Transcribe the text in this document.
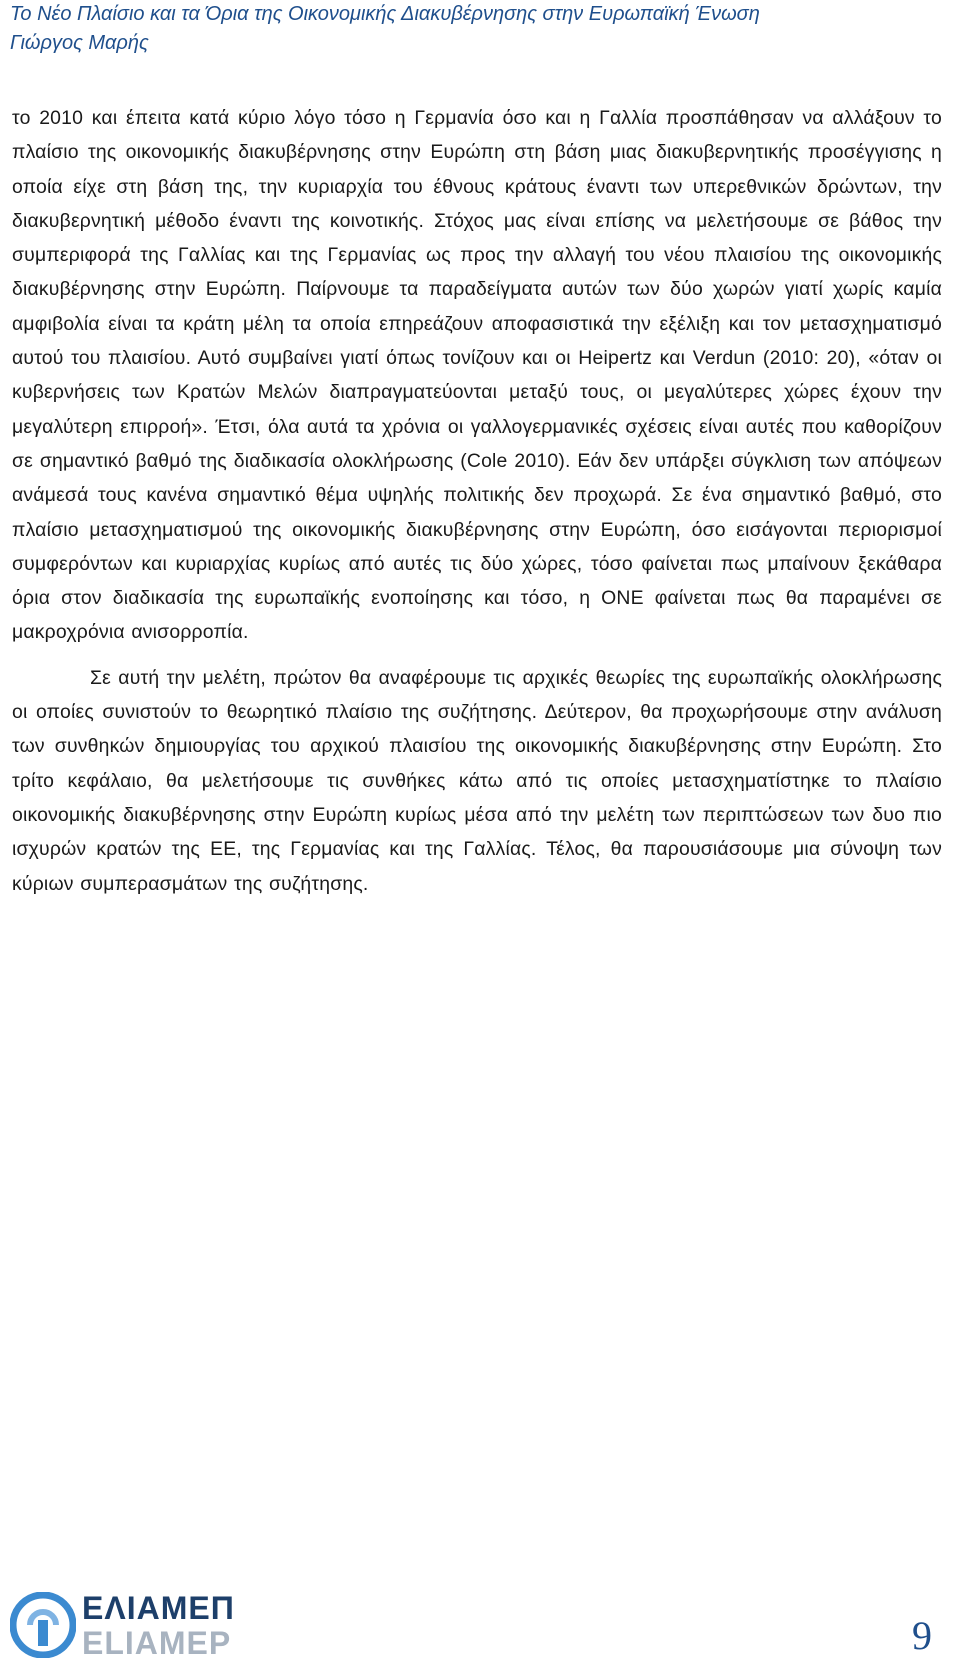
Το Νέο Πλαίσιο και τα Όρια της Οικονομικής Διακυβέρνησης στην Ευρωπαϊκή Ένωση
Γιώργος Μαρής

το 2010 και έπειτα κατά κύριο λόγο τόσο η Γερμανία όσο και η Γαλλία προσπάθησαν να αλλάξουν το πλαίσιο της οικονομικής διακυβέρνησης στην Ευρώπη στη βάση μιας διακυβερνητικής προσέγγισης η οποία είχε στη βάση της, την κυριαρχία του έθνους κράτους έναντι των υπερεθνικών δρώντων, την διακυβερνητική μέθοδο έναντι της κοινοτικής. Στόχος μας είναι επίσης να μελετήσουμε σε βάθος την συμπεριφορά της Γαλλίας και της Γερμανίας ως προς την αλλαγή του νέου πλαισίου της οικονομικής διακυβέρνησης στην Ευρώπη. Παίρνουμε τα παραδείγματα αυτών των δύο χωρών γιατί χωρίς καμία αμφιβολία είναι τα κράτη μέλη τα οποία επηρεάζουν αποφασιστικά την εξέλιξη και τον μετασχηματισμό αυτού του πλαισίου. Αυτό συμβαίνει γιατί όπως τονίζουν και οι Heipertz και Verdun (2010: 20), «όταν οι κυβερνήσεις των Κρατών Μελών διαπραγματεύονται μεταξύ τους, οι μεγαλύτερες χώρες έχουν την μεγαλύτερη επιρροή». Έτσι, όλα αυτά τα χρόνια οι γαλλογερμανικές σχέσεις είναι αυτές που καθορίζουν σε σημαντικό βαθμό της διαδικασία ολοκλήρωσης (Cole 2010). Εάν δεν υπάρξει σύγκλιση των απόψεων ανάμεσά τους κανένα σημαντικό θέμα υψηλής πολιτικής δεν προχωρά. Σε ένα σημαντικό βαθμό, στο πλαίσιο μετασχηματισμού της οικονομικής διακυβέρνησης στην Ευρώπη, όσο εισάγονται περιορισμοί συμφερόντων και κυριαρχίας κυρίως από αυτές τις δύο χώρες, τόσο φαίνεται πως μπαίνουν ξεκάθαρα όρια στον διαδικασία της ευρωπαϊκής ενοποίησης και τόσο, η ΟΝΕ φαίνεται πως θα παραμένει σε μακροχρόνια ανισορροπία.

Σε αυτή την μελέτη, πρώτον θα αναφέρουμε τις αρχικές θεωρίες της ευρωπαϊκής ολοκλήρωσης οι οποίες συνιστούν το θεωρητικό πλαίσιο της συζήτησης. Δεύτερον, θα προχωρήσουμε στην ανάλυση των συνθηκών δημιουργίας του αρχικού πλαισίου της οικονομικής διακυβέρνησης στην Ευρώπη. Στο τρίτο κεφάλαιο, θα μελετήσουμε τις συνθήκες κάτω από τις οποίες μετασχηματίστηκε το πλαίσιο οικονομικής διακυβέρνησης στην Ευρώπη κυρίως μέσα από την μελέτη των περιπτώσεων των δυο πιο ισχυρών κρατών της ΕΕ, της Γερμανίας και της Γαλλίας. Τέλος, θα παρουσιάσουμε μια σύνοψη των κύριων συμπερασμάτων της συζήτησης.

ΕΛΙΑΜΕΠ
ELIAMEP	9
